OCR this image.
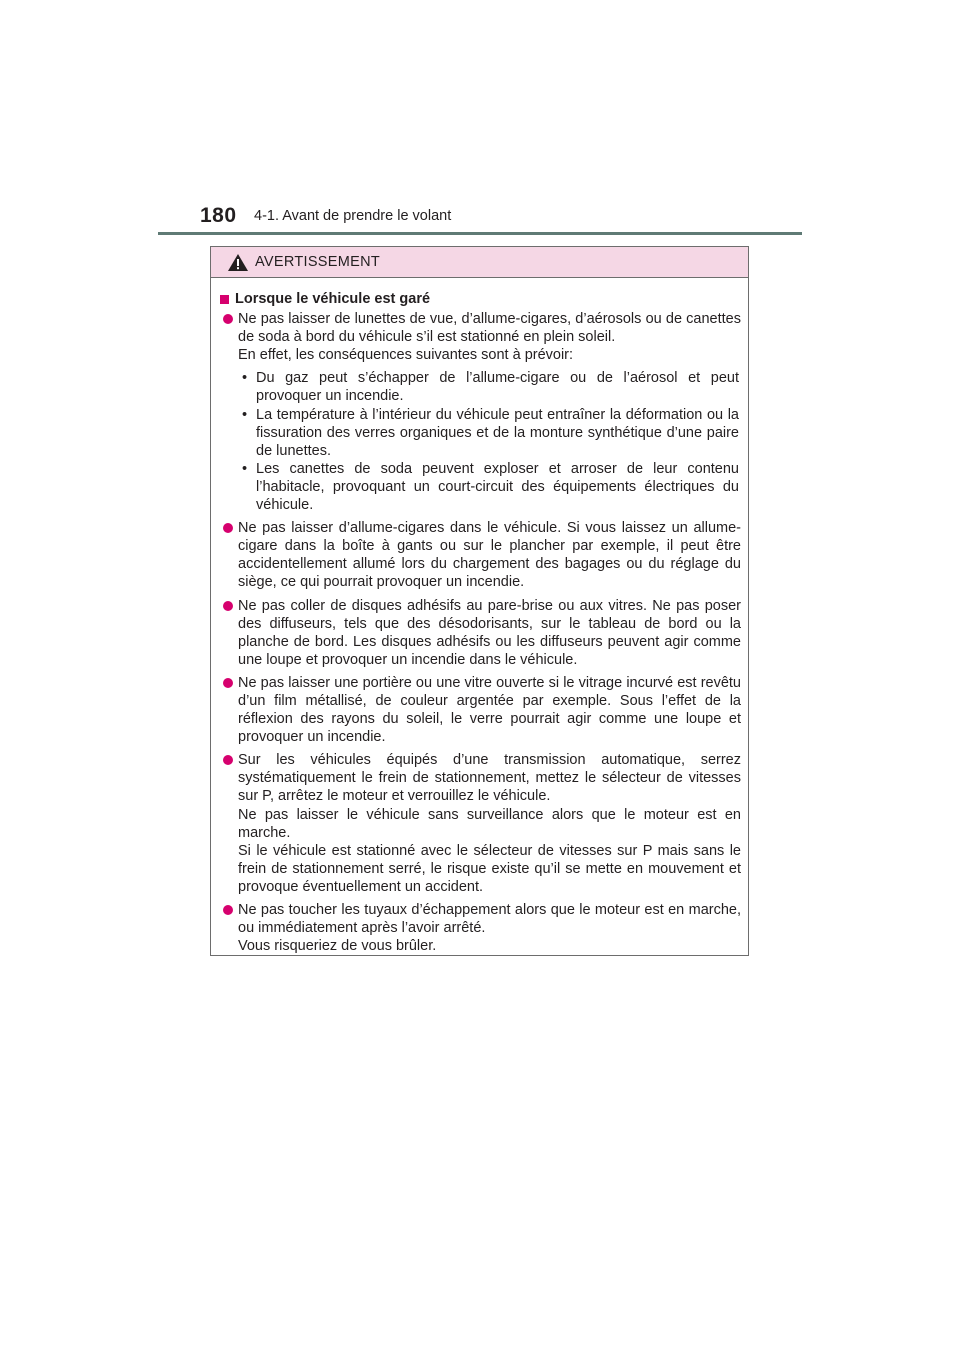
180 4-1. Avant de prendre le volant
AVERTISSEMENT
Lorsque le véhicule est garé
Ne pas laisser de lunettes de vue, d’allume-cigares, d’aérosols ou de canettes de soda à bord du véhicule s’il est stationné en plein soleil.
En effet, les conséquences suivantes sont à prévoir:
• Du gaz peut s’échapper de l’allume-cigare ou de l’aérosol et peut provoquer un incendie.
• La température à l’intérieur du véhicule peut entraîner la déformation ou la fissuration des verres organiques et de la monture synthétique d’une paire de lunettes.
• Les canettes de soda peuvent exploser et arroser de leur contenu l’habitacle, provoquant un court-circuit des équipements électriques du véhicule.
Ne pas laisser d’allume-cigares dans le véhicule. Si vous laissez un allume-cigare dans la boîte à gants ou sur le plancher par exemple, il peut être accidentellement allumé lors du chargement des bagages ou du réglage du siège, ce qui pourrait provoquer un incendie.
Ne pas coller de disques adhésifs au pare-brise ou aux vitres. Ne pas poser des diffuseurs, tels que des désodorisants, sur le tableau de bord ou la planche de bord. Les disques adhésifs ou les diffuseurs peuvent agir comme une loupe et provoquer un incendie dans le véhicule.
Ne pas laisser une portière ou une vitre ouverte si le vitrage incurvé est revêtu d’un film métallisé, de couleur argentée par exemple. Sous l’effet de la réflexion des rayons du soleil, le verre pourrait agir comme une loupe et provoquer un incendie.
Sur les véhicules équipés d’une transmission automatique, serrez systématiquement le frein de stationnement, mettez le sélecteur de vitesses sur P, arrêtez le moteur et verrouillez le véhicule.
Ne pas laisser le véhicule sans surveillance alors que le moteur est en marche.
Si le véhicule est stationné avec le sélecteur de vitesses sur P mais sans le frein de stationnement serré, le risque existe qu’il se mette en mouvement et provoque éventuellement un accident.
Ne pas toucher les tuyaux d’échappement alors que le moteur est en marche, ou immédiatement après l’avoir arrêté.
Vous risqueriez de vous brûler.
